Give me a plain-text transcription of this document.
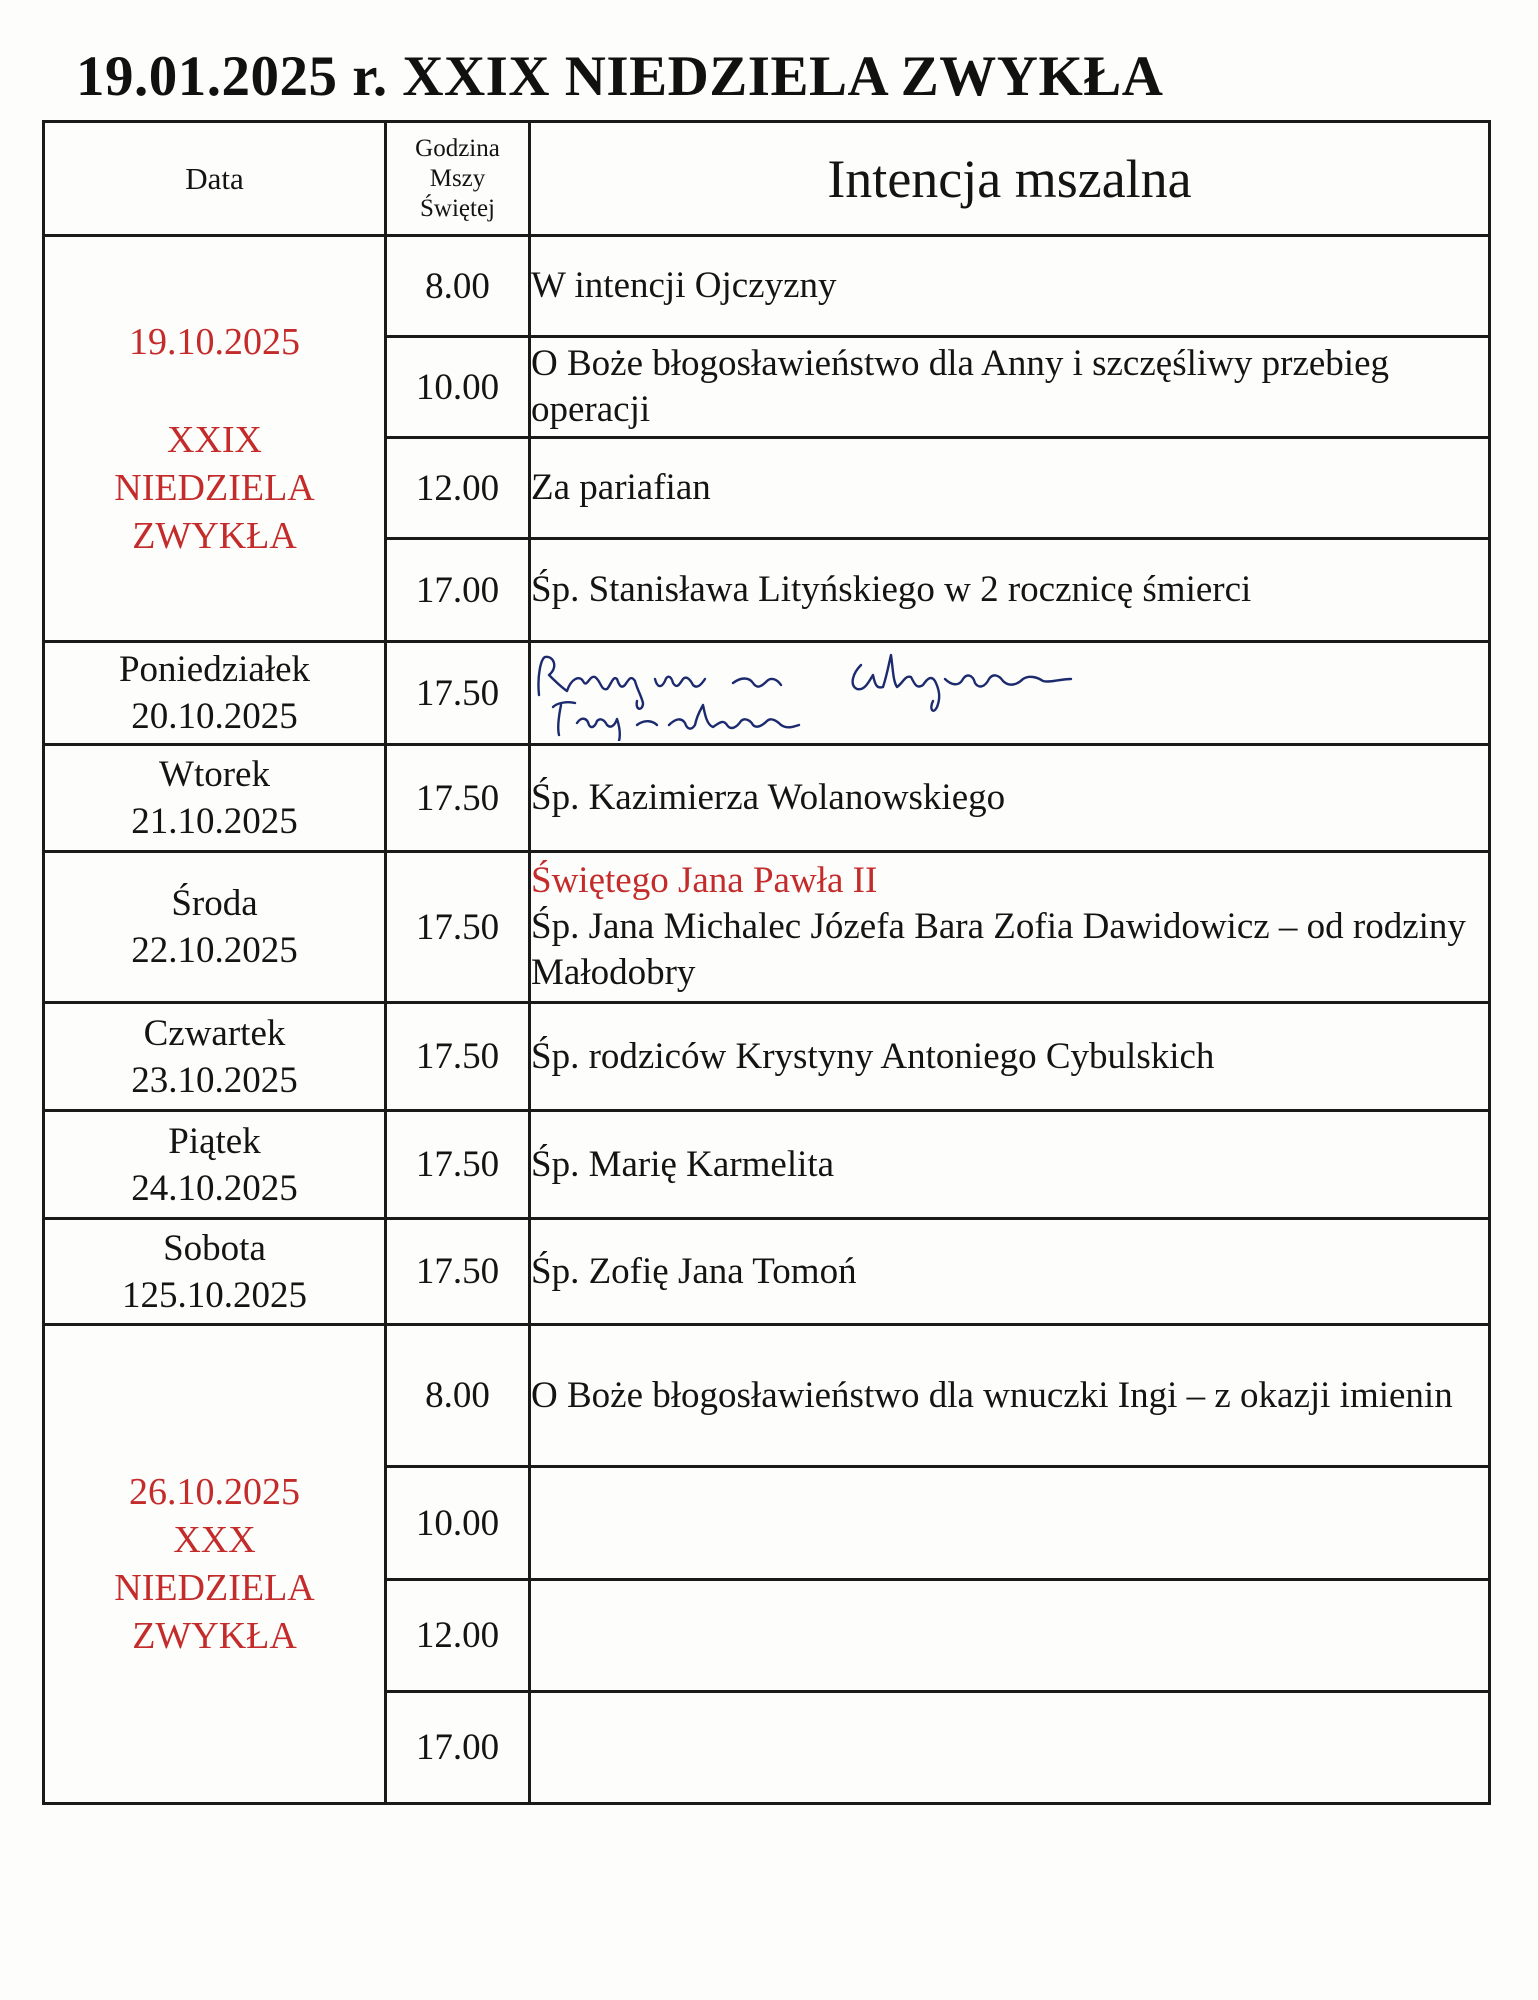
19.01.2025 r. XXIX NIEDZIELA ZWYKŁA
Data	Godzina
Mszy
Świętej	Intencja mszalna

19.10.2025
XXIX
NIEDZIELA
ZWYKŁA	8.00	W intencji Ojczyzny
	10.00	O Boże błogosławieństwo dla Anny i szczęśliwy przebieg operacji
	12.00	Za pariafian
	17.00	Śp. Stanisława Lityńskiego w 2 rocznicę śmierci

Poniedziałek
20.10.2025	17.50	

Wtorek
21.10.2025	17.50	Śp. Kazimierza Wolanowskiego

Środa
22.10.2025	17.50	Świętego Jana Pawła II
Śp. Jana Michalec Józefa Bara Zofia Dawidowicz – od rodziny Małodobry

Czwartek
23.10.2025	17.50	Śp. rodziców Krystyny Antoniego Cybulskich

Piątek
24.10.2025	17.50	Śp. Marię Karmelita

Sobota
125.10.2025	17.50	Śp. Zofię Jana Tomoń

26.10.2025
XXX
NIEDZIELA
ZWYKŁA	8.00	O Boże błogosławieństwo dla wnuczki Ingi – z okazji imienin
	10.00	
	12.00	
	17.00	
